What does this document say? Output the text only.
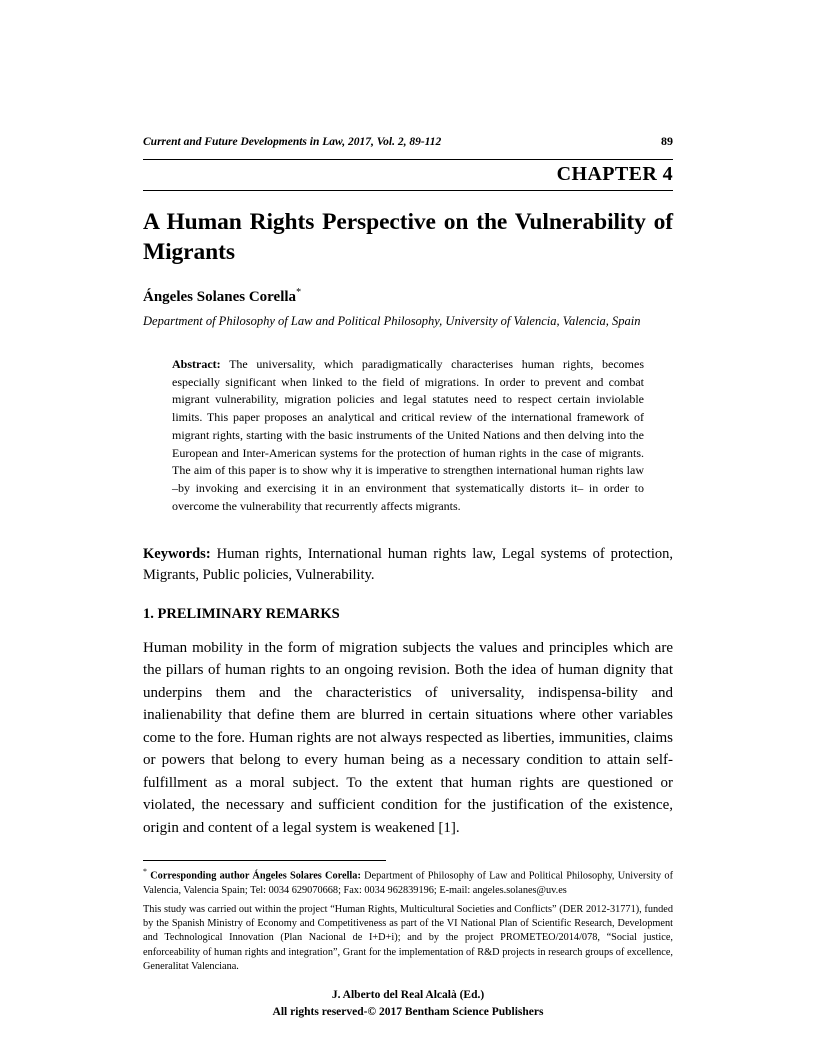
Current and Future Developments in Law, 2017, Vol. 2, 89-112	89
CHAPTER 4
A Human Rights Perspective on the Vulnerability of Migrants
Ángeles Solanes Corella*
Department of Philosophy of Law and Political Philosophy, University of Valencia, Valencia, Spain
Abstract: The universality, which paradigmatically characterises human rights, becomes especially significant when linked to the field of migrations. In order to prevent and combat migrant vulnerability, migration policies and legal statutes need to respect certain inviolable limits. This paper proposes an analytical and critical review of the international framework of migrant rights, starting with the basic instruments of the United Nations and then delving into the European and Inter-American systems for the protection of human rights in the case of migrants. The aim of this paper is to show why it is imperative to strengthen international human rights law –by invoking and exercising it in an environment that systematically distorts it– in order to overcome the vulnerability that recurrently affects migrants.
Keywords: Human rights, International human rights law, Legal systems of protection, Migrants, Public policies, Vulnerability.
1. PRELIMINARY REMARKS

Human mobility in the form of migration subjects the values and principles which are the pillars of human rights to an ongoing revision. Both the idea of human dignity that underpins them and the characteristics of universality, indispensa-bility and inalienability that define them are blurred in certain situations where other variables come to the fore. Human rights are not always respected as liberties, immunities, claims or powers that belong to every human being as a necessary condition to attain self-fulfillment as a moral subject. To the extent that human rights are questioned or violated, the necessary and sufficient condition for the justification of the existence, origin and content of a legal system is weakened [1].

* Corresponding author Ángeles Solares Corella: Department of Philosophy of Law and Political Philosophy, University of Valencia, Valencia Spain; Tel: 0034 629070668; Fax: 0034 962839196; E-mail: angeles.solanes@uv.es
This study was carried out within the project “Human Rights, Multicultural Societies and Conflicts” (DER 2012-31771), funded by the Spanish Ministry of Economy and Competitiveness as part of the VI National Plan of Scientific Research, Development and Technological Innovation (Plan Nacional de I+D+i); and by the project PROMETEO/2014/078, “Social justice, enforceability of human rights and integration”, Grant for the implementation of R&D projects in research groups of excellence, Generalitat Valenciana.
J. Alberto del Real Alcalà (Ed.)
All rights reserved-© 2017 Bentham Science Publishers
